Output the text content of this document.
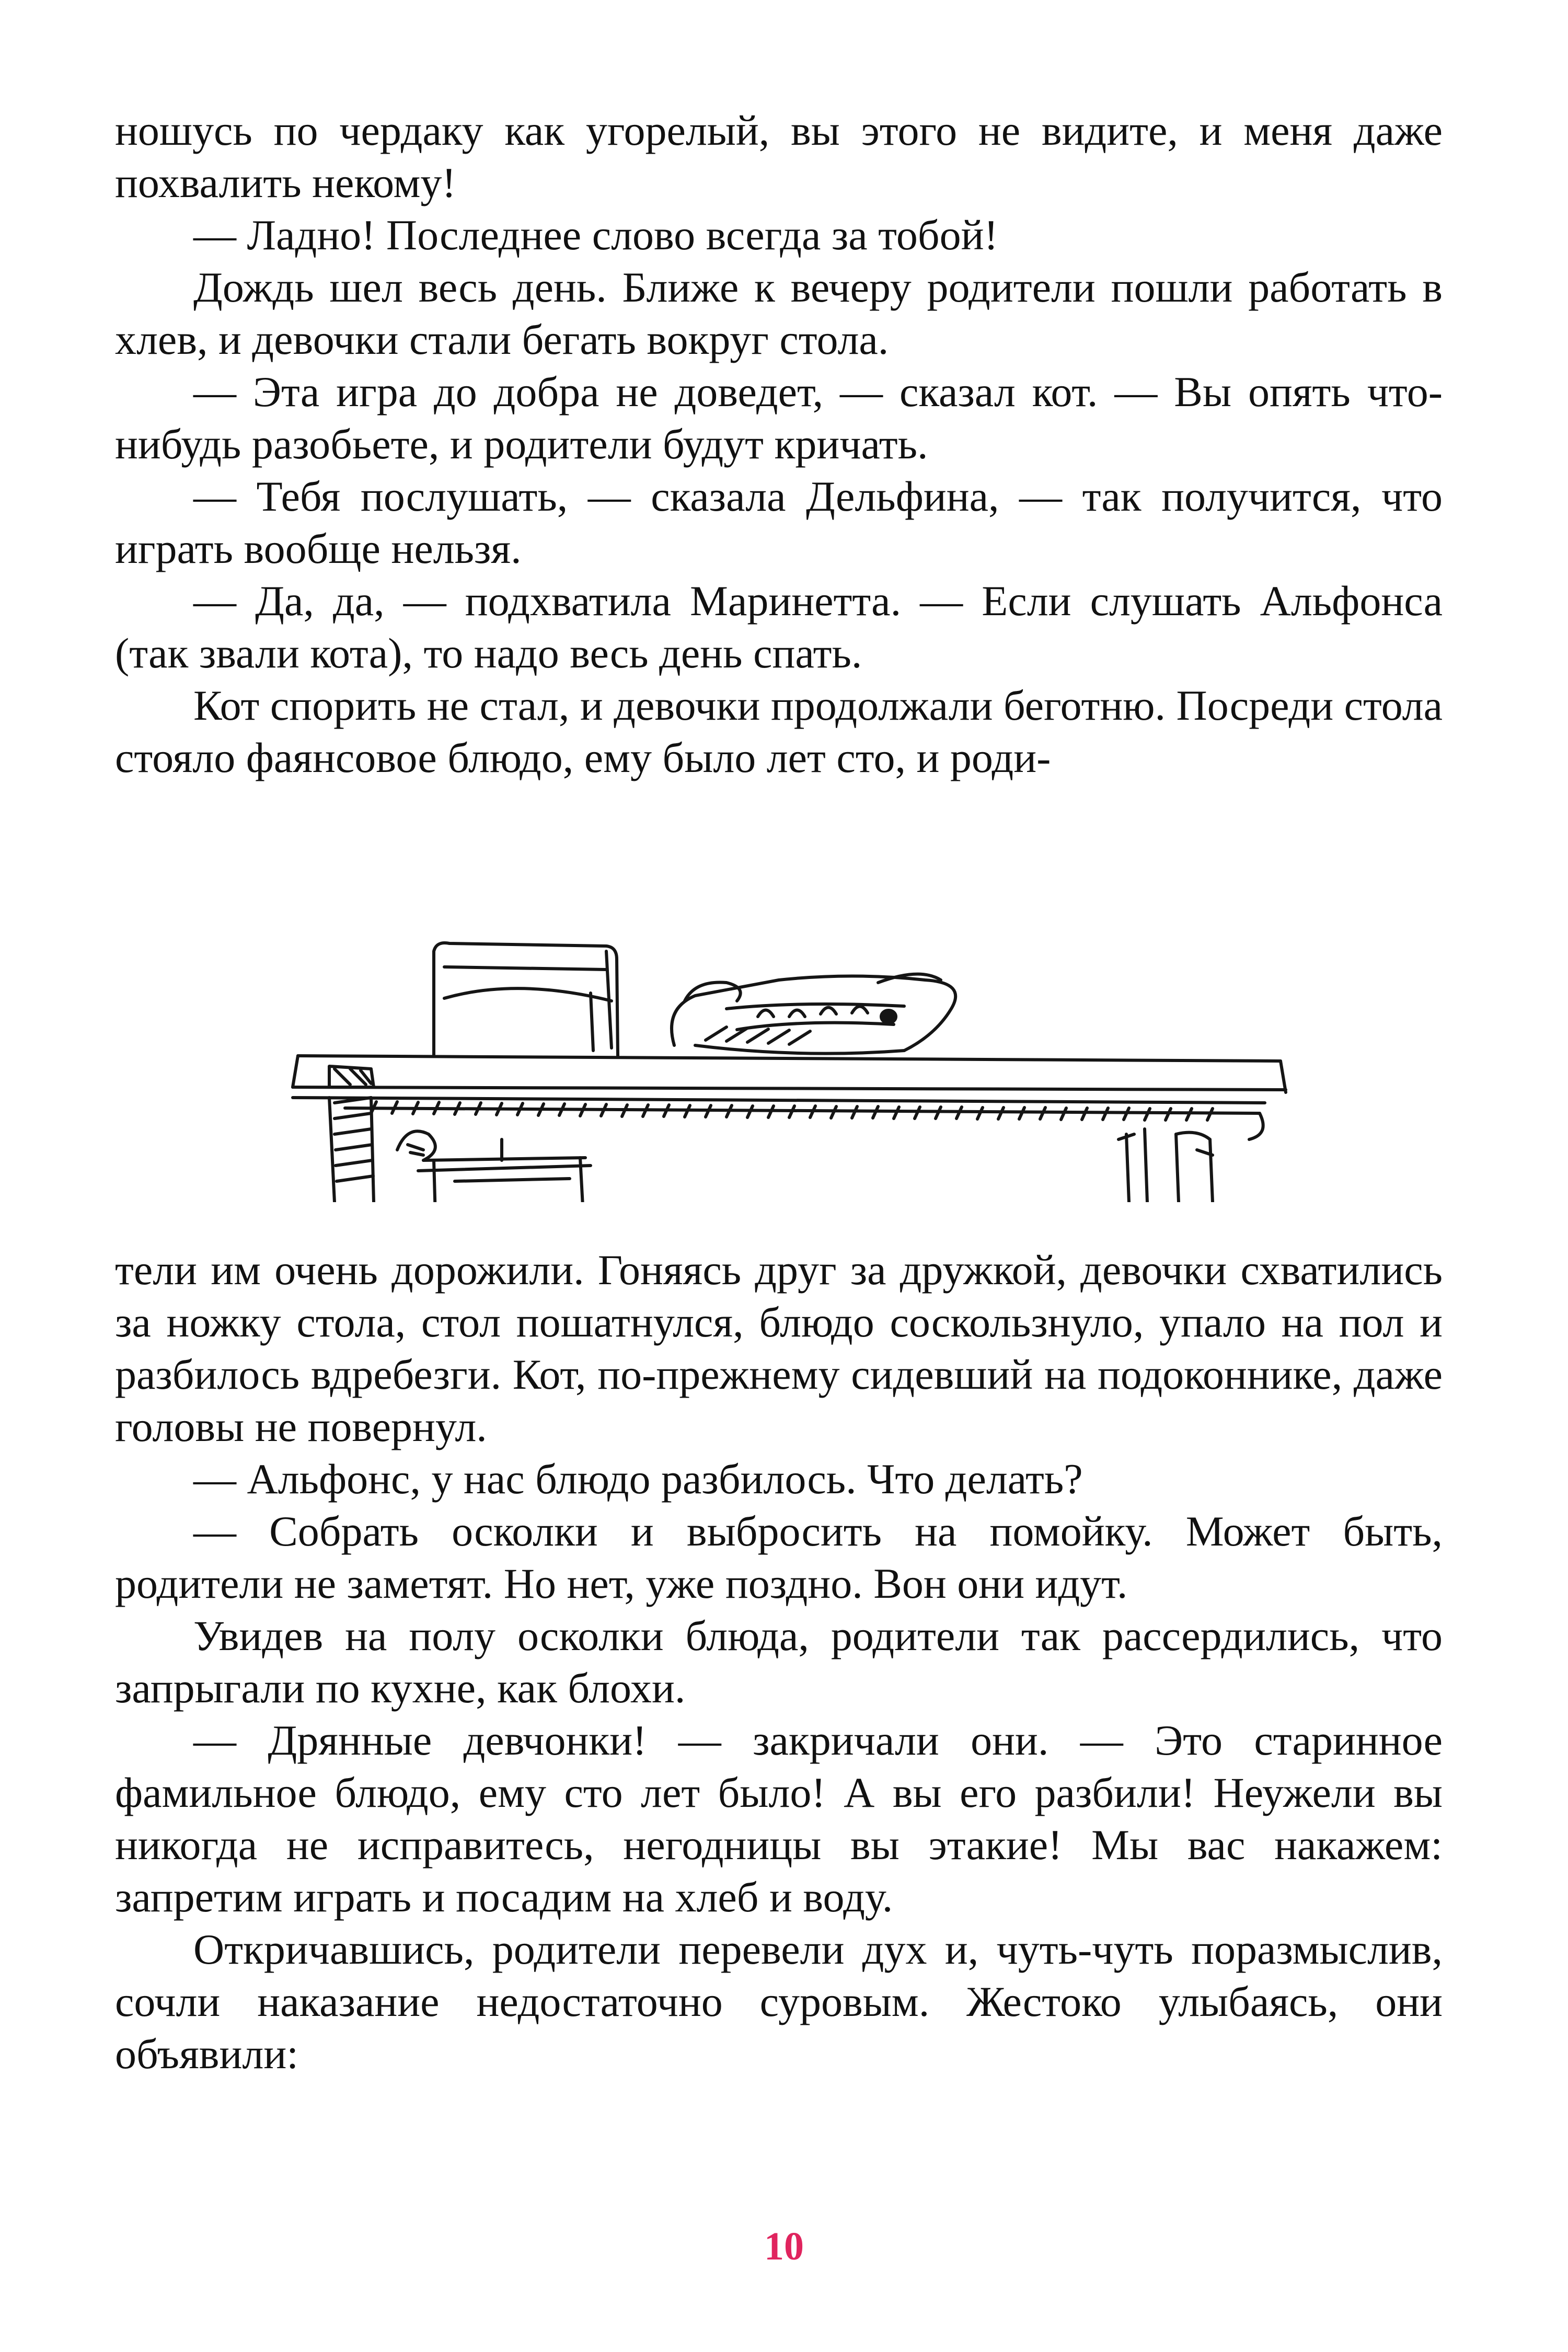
ношусь по чердаку как угорелый, вы этого не видите, и меня даже похвалить некому!

— Ладно! Последнее слово всегда за тобой!

Дождь шел весь день. Ближе к вечеру родители пошли работать в хлев, и девочки стали бегать вокруг стола.

— Эта игра до добра не доведет, — сказал кот. — Вы опять что-нибудь разобьете, и родители будут кричать.

— Тебя послушать, — сказала Дельфина, — так получится, что играть вообще нельзя.

— Да, да, — подхватила Маринетта. — Если слушать Альфонса (так звали кота), то надо весь день спать.

Кот спорить не стал, и девочки продолжали беготню. Посреди стола стояло фаянсовое блюдо, ему было лет сто, и роди-

тели им очень дорожили. Гоняясь друг за дружкой, девочки схватились за ножку стола, стол пошатнулся, блюдо соскользнуло, упало на пол и разбилось вдребезги. Кот, по-прежнему сидевший на подоконнике, даже головы не повернул.

— Альфонс, у нас блюдо разбилось. Что делать?

— Собрать осколки и выбросить на помойку. Может быть, родители не заметят. Но нет, уже поздно. Вон они идут.

Увидев на полу осколки блюда, родители так рассердились, что запрыгали по кухне, как блохи.

— Дрянные девчонки! — закричали они. — Это старинное фамильное блюдо, ему сто лет было! А вы его разбили! Неужели вы никогда не исправитесь, негодницы вы этакие! Мы вас накажем: запретим играть и посадим на хлеб и воду.

Откричавшись, родители перевели дух и, чуть-чуть поразмыслив, сочли наказание недостаточно суровым. Жестоко улыбаясь, они объявили:

10
